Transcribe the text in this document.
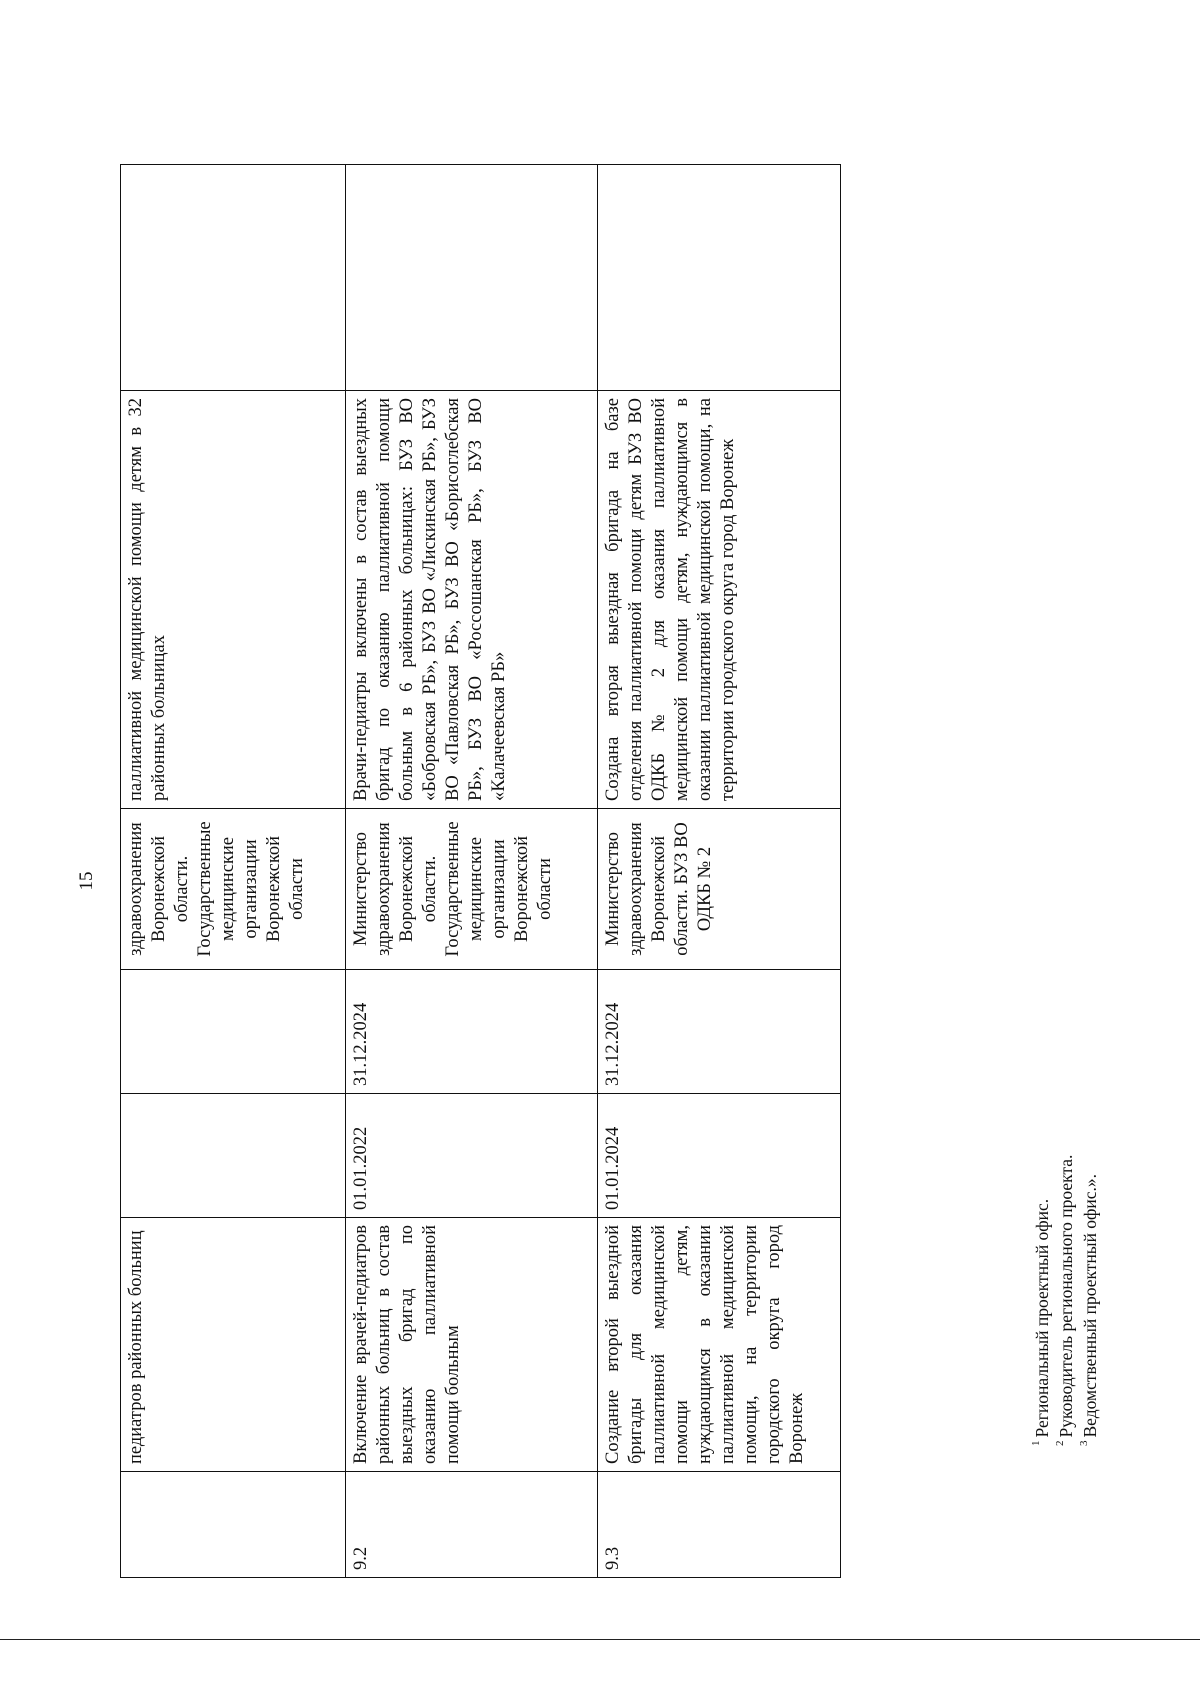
15
	педиатров районных больниц			здравоохранения Воронежской области. Государственные медицинские организации Воронежской области	паллиативной медицинской помощи детям в 32 районных больницах	
9.2	Включение врачей-педиатров районных больниц в состав выездных бригад по оказанию паллиативной помощи больным	01.01.2022	31.12.2024	Министерство здравоохранения Воронежской области. Государственные медицинские организации Воронежской области	Врачи-педиатры включены в состав выездных бригад по оказанию паллиативной помощи больным в 6 районных больницах: БУЗ ВО «Бобровская РБ», БУЗ ВО «Лискинская РБ», БУЗ ВО «Павловская РБ», БУЗ ВО «Борисоглебская РБ», БУЗ ВО «Россошанская РБ», БУЗ ВО «Калачеевская РБ»	
9.3	Создание второй выездной бригады для оказания паллиативной медицинской помощи детям, нуждающимся в оказании паллиативной медицинской помощи, на территории городского округа город Воронеж	01.01.2024	31.12.2024	Министерство здравоохранения Воронежской области. БУЗ ВО ОДКБ № 2	Создана вторая выездная бригада на базе отделения паллиативной помощи детям БУЗ ВО ОДКБ № 2 для оказания паллиативной медицинской помощи детям, нуждающимся в оказании паллиативной медицинской помощи, на территории городского округа город Воронеж	
$^1$Региональный проектный офис.
$^2$Руководитель регионального проекта.
$^3$Ведомственный проектный офис.».
